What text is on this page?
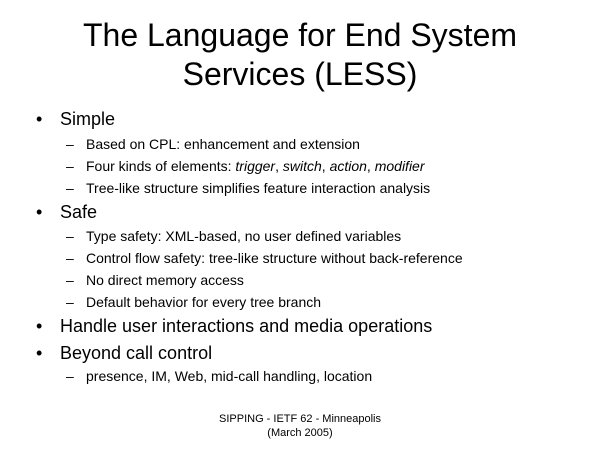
The Language for End System
Services (LESS)
• Simple
– Based on CPL: enhancement and extension
– Four kinds of elements: trigger, switch, action, modifier
– Tree-like structure simplifies feature interaction analysis
• Safe
– Type safety: XML-based, no user defined variables
– Control flow safety: tree-like structure without back-reference
– No direct memory access
– Default behavior for every tree branch
• Handle user interactions and media operations
• Beyond call control
– presence, IM, Web, mid-call handling, location
SIPPING - IETF 62 - Minneapolis
(March 2005)
